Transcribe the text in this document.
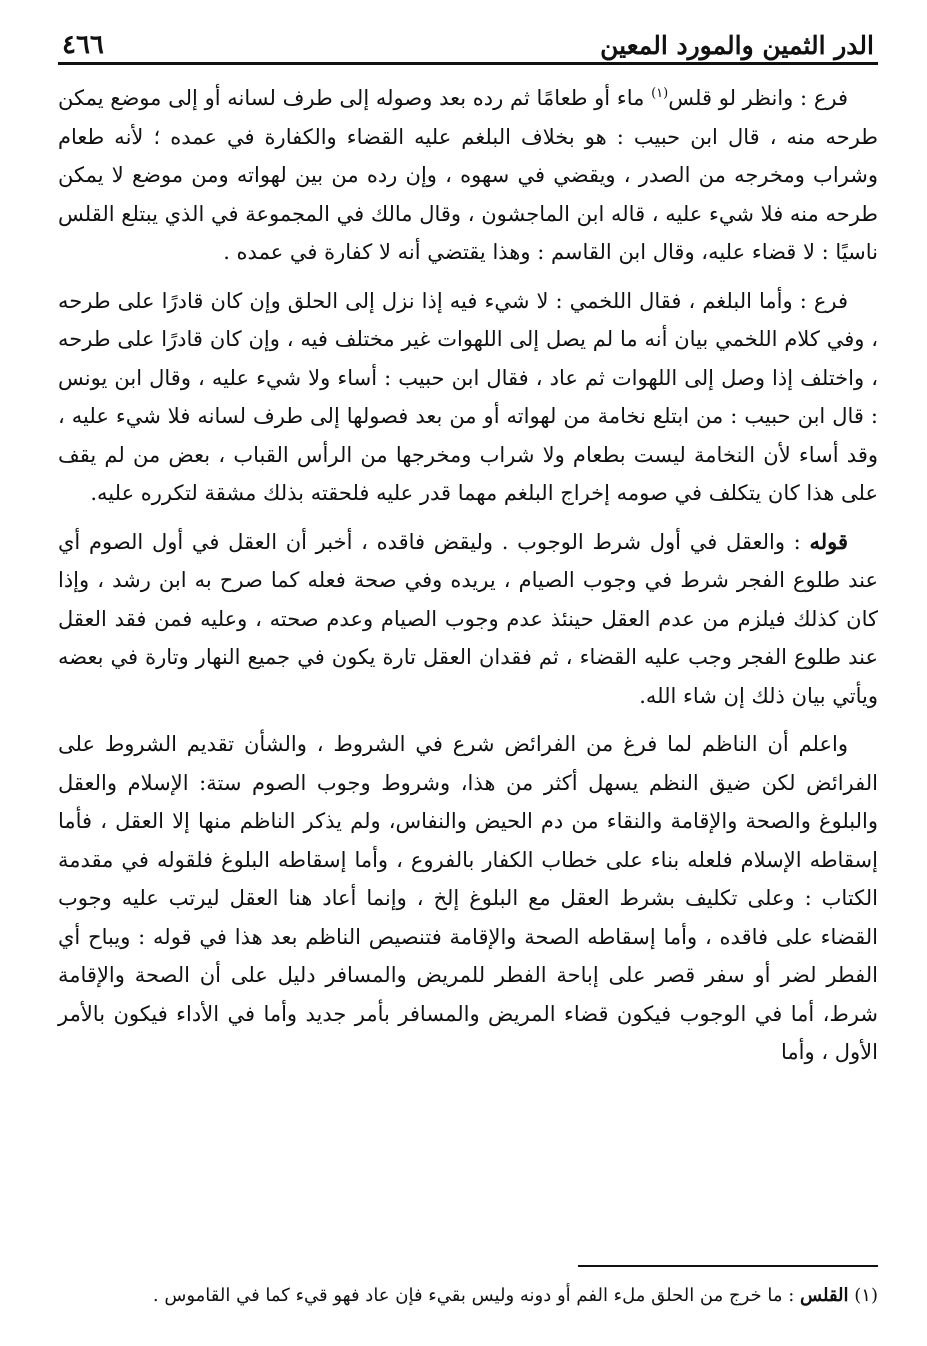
الدر الثمين والمورد المعين
٤٦٦

فرع : وانظر لو قلس$^{(١)}$ ماء أو طعامًا ثم رده بعد وصوله إلى طرف لسانه أو إلى موضع يمكن طرحه منه ، قال ابن حبيب : هو بخلاف البلغم عليه القضاء والكفارة في عمده ؛ لأنه طعام وشراب ومخرجه من الصدر ، ويقضي في سهوه ، وإن رده من بين لهواته ومن موضع لا يمكن طرحه منه فلا شيء عليه ، قاله ابن الماجشون ، وقال مالك في المجموعة في الذي يبتلع القلس ناسيًا : لا قضاء عليه، وقال ابن القاسم : وهذا يقتضي أنه لا كفارة في عمده .

فرع : وأما البلغم ، فقال اللخمي : لا شيء فيه إذا نزل إلى الحلق وإن كان قادرًا على طرحه ، وفي كلام اللخمي بيان أنه ما لم يصل إلى اللهوات غير مختلف فيه ، وإن كان قادرًا على طرحه ، واختلف إذا وصل إلى اللهوات ثم عاد ، فقال ابن حبيب : أساء ولا شيء عليه ، وقال ابن يونس : قال ابن حبيب : من ابتلع نخامة من لهواته أو من بعد فصولها إلى طرف لسانه فلا شيء عليه ، وقد أساء لأن النخامة ليست بطعام ولا شراب ومخرجها من الرأس القباب ، بعض من لم يقف على هذا كان يتكلف في صومه إخراج البلغم مهما قدر عليه فلحقته بذلك مشقة لتكرره عليه.

قوله : والعقل في أول شرط الوجوب . وليقض فاقده ، أخبر أن العقل في أول الصوم أي عند طلوع الفجر شرط في وجوب الصيام ، يريده وفي صحة فعله كما صرح به ابن رشد ، وإذا كان كذلك فيلزم من عدم العقل حينئذ عدم وجوب الصيام وعدم صحته ، وعليه فمن فقد العقل عند طلوع الفجر وجب عليه القضاء ، ثم فقدان العقل تارة يكون في جميع النهار وتارة في بعضه ويأتي بيان ذلك إن شاء الله.

واعلم أن الناظم لما فرغ من الفرائض شرع في الشروط ، والشأن تقديم الشروط على الفرائض لكن ضيق النظم يسهل أكثر من هذا، وشروط وجوب الصوم ستة: الإسلام والعقل والبلوغ والصحة والإقامة والنقاء من دم الحيض والنفاس، ولم يذكر الناظم منها إلا العقل ، فأما إسقاطه الإسلام فلعله بناء على خطاب الكفار بالفروع ، وأما إسقاطه البلوغ فلقوله في مقدمة الكتاب : وعلى تكليف بشرط العقل مع البلوغ إلخ ، وإنما أعاد هنا العقل ليرتب عليه وجوب القضاء على فاقده ، وأما إسقاطه الصحة والإقامة فتنصيص الناظم بعد هذا في قوله : ويباح أي الفطر لضر أو سفر قصر على إباحة الفطر للمريض والمسافر دليل على أن الصحة والإقامة شرط، أما في الوجوب فيكون قضاء المريض والمسافر بأمر جديد وأما في الأداء فيكون بالأمر الأول ، وأما

(١) القلس : ما خرج من الحلق ملء الفم أو دونه وليس بقيء فإن عاد فهو قيء كما في القاموس .
